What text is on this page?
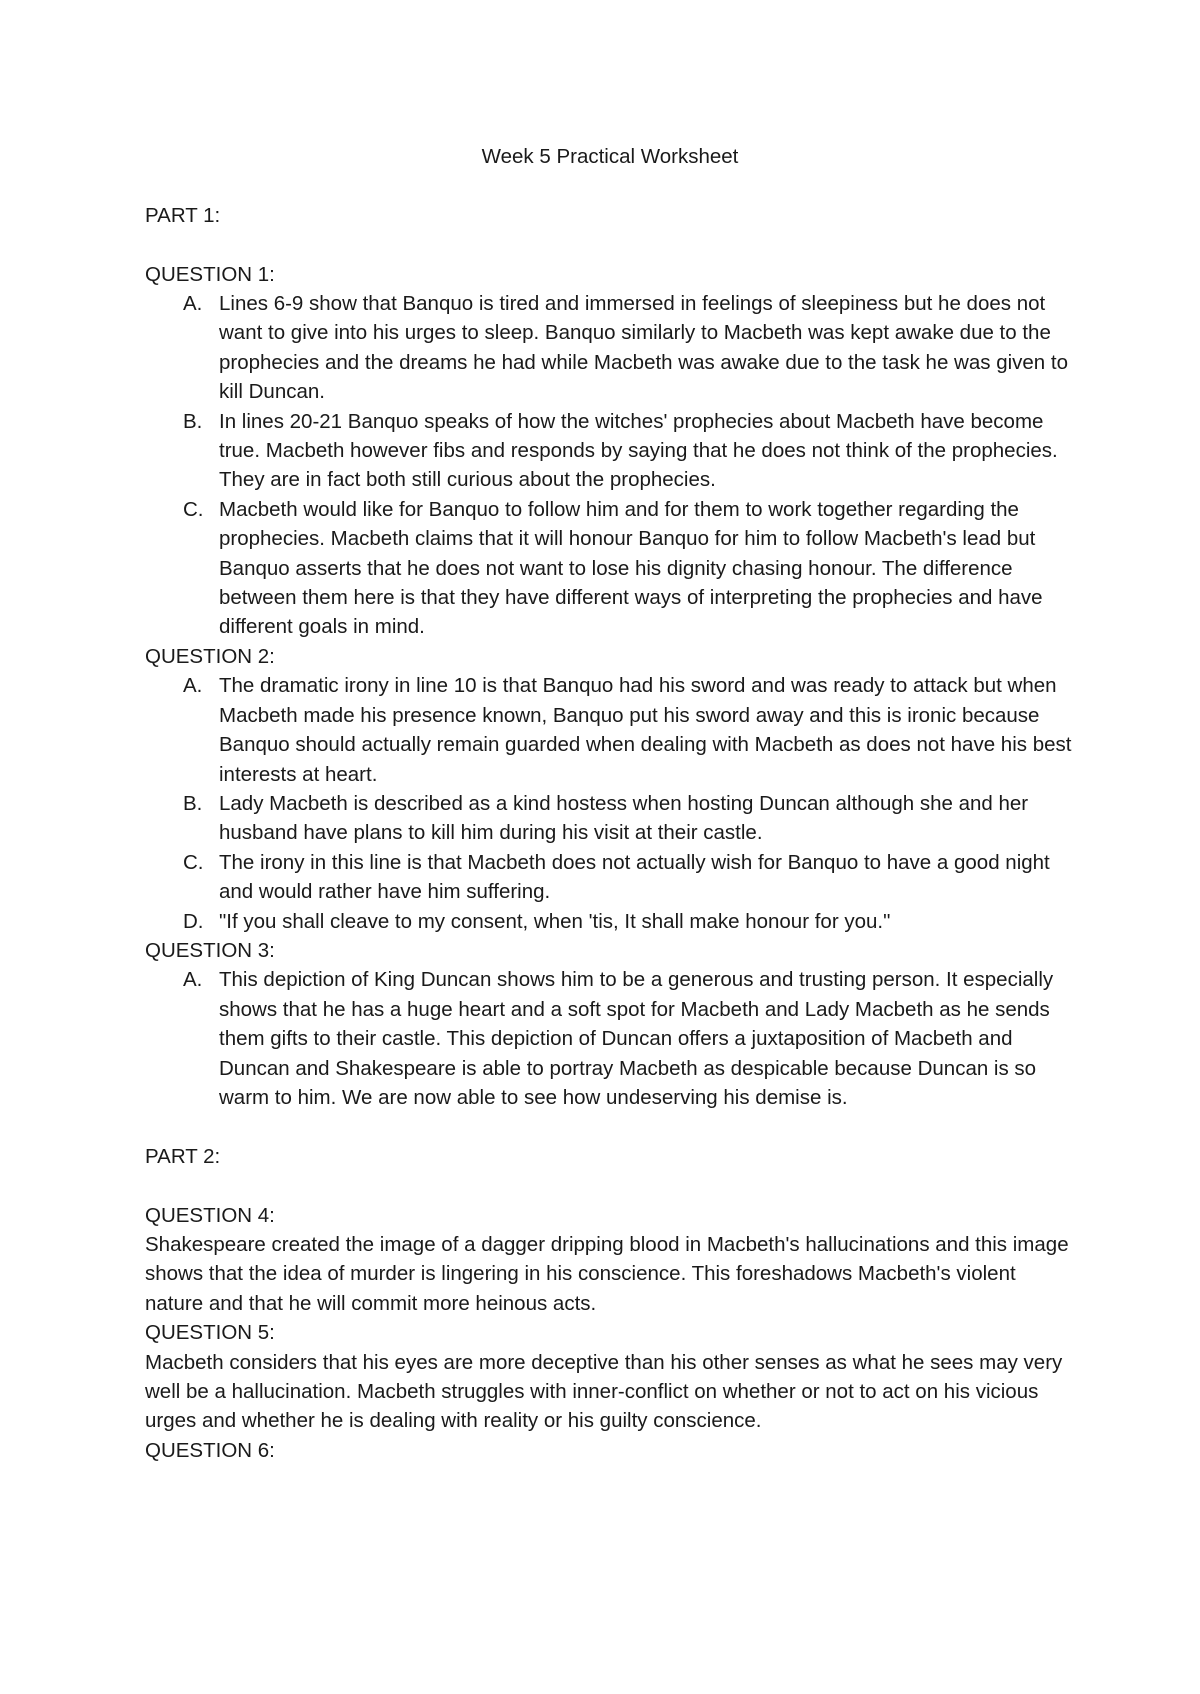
Week 5 Practical Worksheet

PART 1:

QUESTION 1:

A. Lines 6-9 show that Banquo is tired and immersed in feelings of sleepiness but he does not want to give into his urges to sleep. Banquo similarly to Macbeth was kept awake due to the prophecies and the dreams he had while Macbeth was awake due to the task he was given to kill Duncan.
B. In lines 20-21 Banquo speaks of how the witches' prophecies about Macbeth have become true. Macbeth however fibs and responds by saying that he does not think of the prophecies. They are in fact both still curious about the prophecies.
C. Macbeth would like for Banquo to follow him and for them to work together regarding the prophecies. Macbeth claims that it will honour Banquo for him to follow Macbeth's lead but Banquo asserts that he does not want to lose his dignity chasing honour. The difference between them here is that they have different ways of interpreting the prophecies and have different goals in mind.

QUESTION 2:

A. The dramatic irony in line 10 is that Banquo had his sword and was ready to attack but when Macbeth made his presence known, Banquo put his sword away and this is ironic because Banquo should actually remain guarded when dealing with Macbeth as does not have his best interests at heart.
B. Lady Macbeth is described as a kind hostess when hosting Duncan although she and her husband have plans to kill him during his visit at their castle.
C. The irony in this line is that Macbeth does not actually wish for Banquo to have a good night and would rather have him suffering.
D. "If you shall cleave to my consent, when 'tis, It shall make honour for you."

QUESTION 3:

A. This depiction of King Duncan shows him to be a generous and trusting person. It especially shows that he has a huge heart and a soft spot for Macbeth and Lady Macbeth as he sends them gifts to their castle. This depiction of Duncan offers a juxtaposition of Macbeth and Duncan and Shakespeare is able to portray Macbeth as despicable because Duncan is so warm to him. We are now able to see how undeserving his demise is.

PART 2:

QUESTION 4:

Shakespeare created the image of a dagger dripping blood in Macbeth's hallucinations and this image shows that the idea of murder is lingering in his conscience. This foreshadows Macbeth's violent nature and that he will commit more heinous acts.

QUESTION 5:

Macbeth considers that his eyes are more deceptive than his other senses as what he sees may very well be a hallucination. Macbeth struggles with inner-conflict on whether or not to act on his vicious urges and whether he is dealing with reality or his guilty conscience.

QUESTION 6:
